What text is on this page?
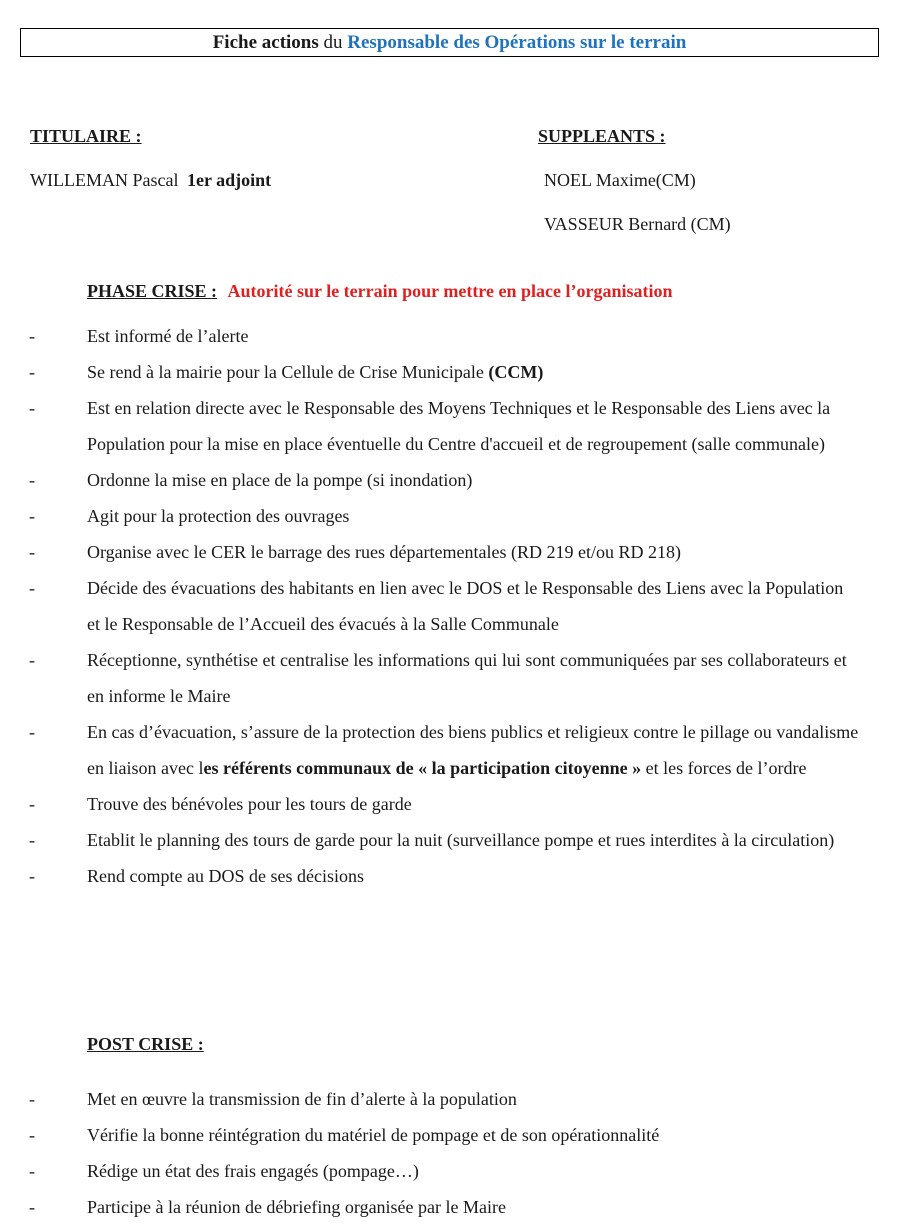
Fiche actions du Responsable des Opérations sur le terrain
TITULAIRE :
WILLEMAN Pascal 1er adjoint
SUPPLEANTS :
NOEL Maxime(CM)
VASSEUR Bernard (CM)
PHASE CRISE : Autorité sur le terrain pour mettre en place l’organisation
-	Est informé de l’alerte
-	Se rend à la mairie pour la Cellule de Crise Municipale (CCM)
-	Est en relation directe avec le Responsable des Moyens Techniques et le Responsable des Liens avec la Population pour la mise en place éventuelle du Centre d'accueil et de regroupement (salle communale)
-	Ordonne la mise en place de la pompe (si inondation)
-	Agit pour la protection des ouvrages
-	Organise avec le CER le barrage des rues départementales (RD 219 et/ou RD 218)
-	Décide des évacuations des habitants en lien avec le DOS et le Responsable des Liens avec la Population et le Responsable de l’Accueil des évacués à la Salle Communale
-	Réceptionne, synthétise et centralise les informations qui lui sont communiquées par ses collaborateurs et en informe le Maire
-	En cas d’évacuation, s’assure de la protection des biens publics et religieux contre le pillage ou vandalisme en liaison avec les référents communaux de « la participation citoyenne » et les forces de l’ordre
-	Trouve des bénévoles pour les tours de garde
-	Etablit le planning des tours de garde pour la nuit (surveillance pompe et rues interdites à la circulation)
-	Rend compte au DOS de ses décisions
POST CRISE :
-	Met en œuvre la transmission de fin d’alerte à la population
-	Vérifie la bonne réintégration du matériel de pompage et de son opérationnalité
-	Rédige un état des frais engagés (pompage…)
-	Participe à la réunion de débriefing organisée par le Maire
